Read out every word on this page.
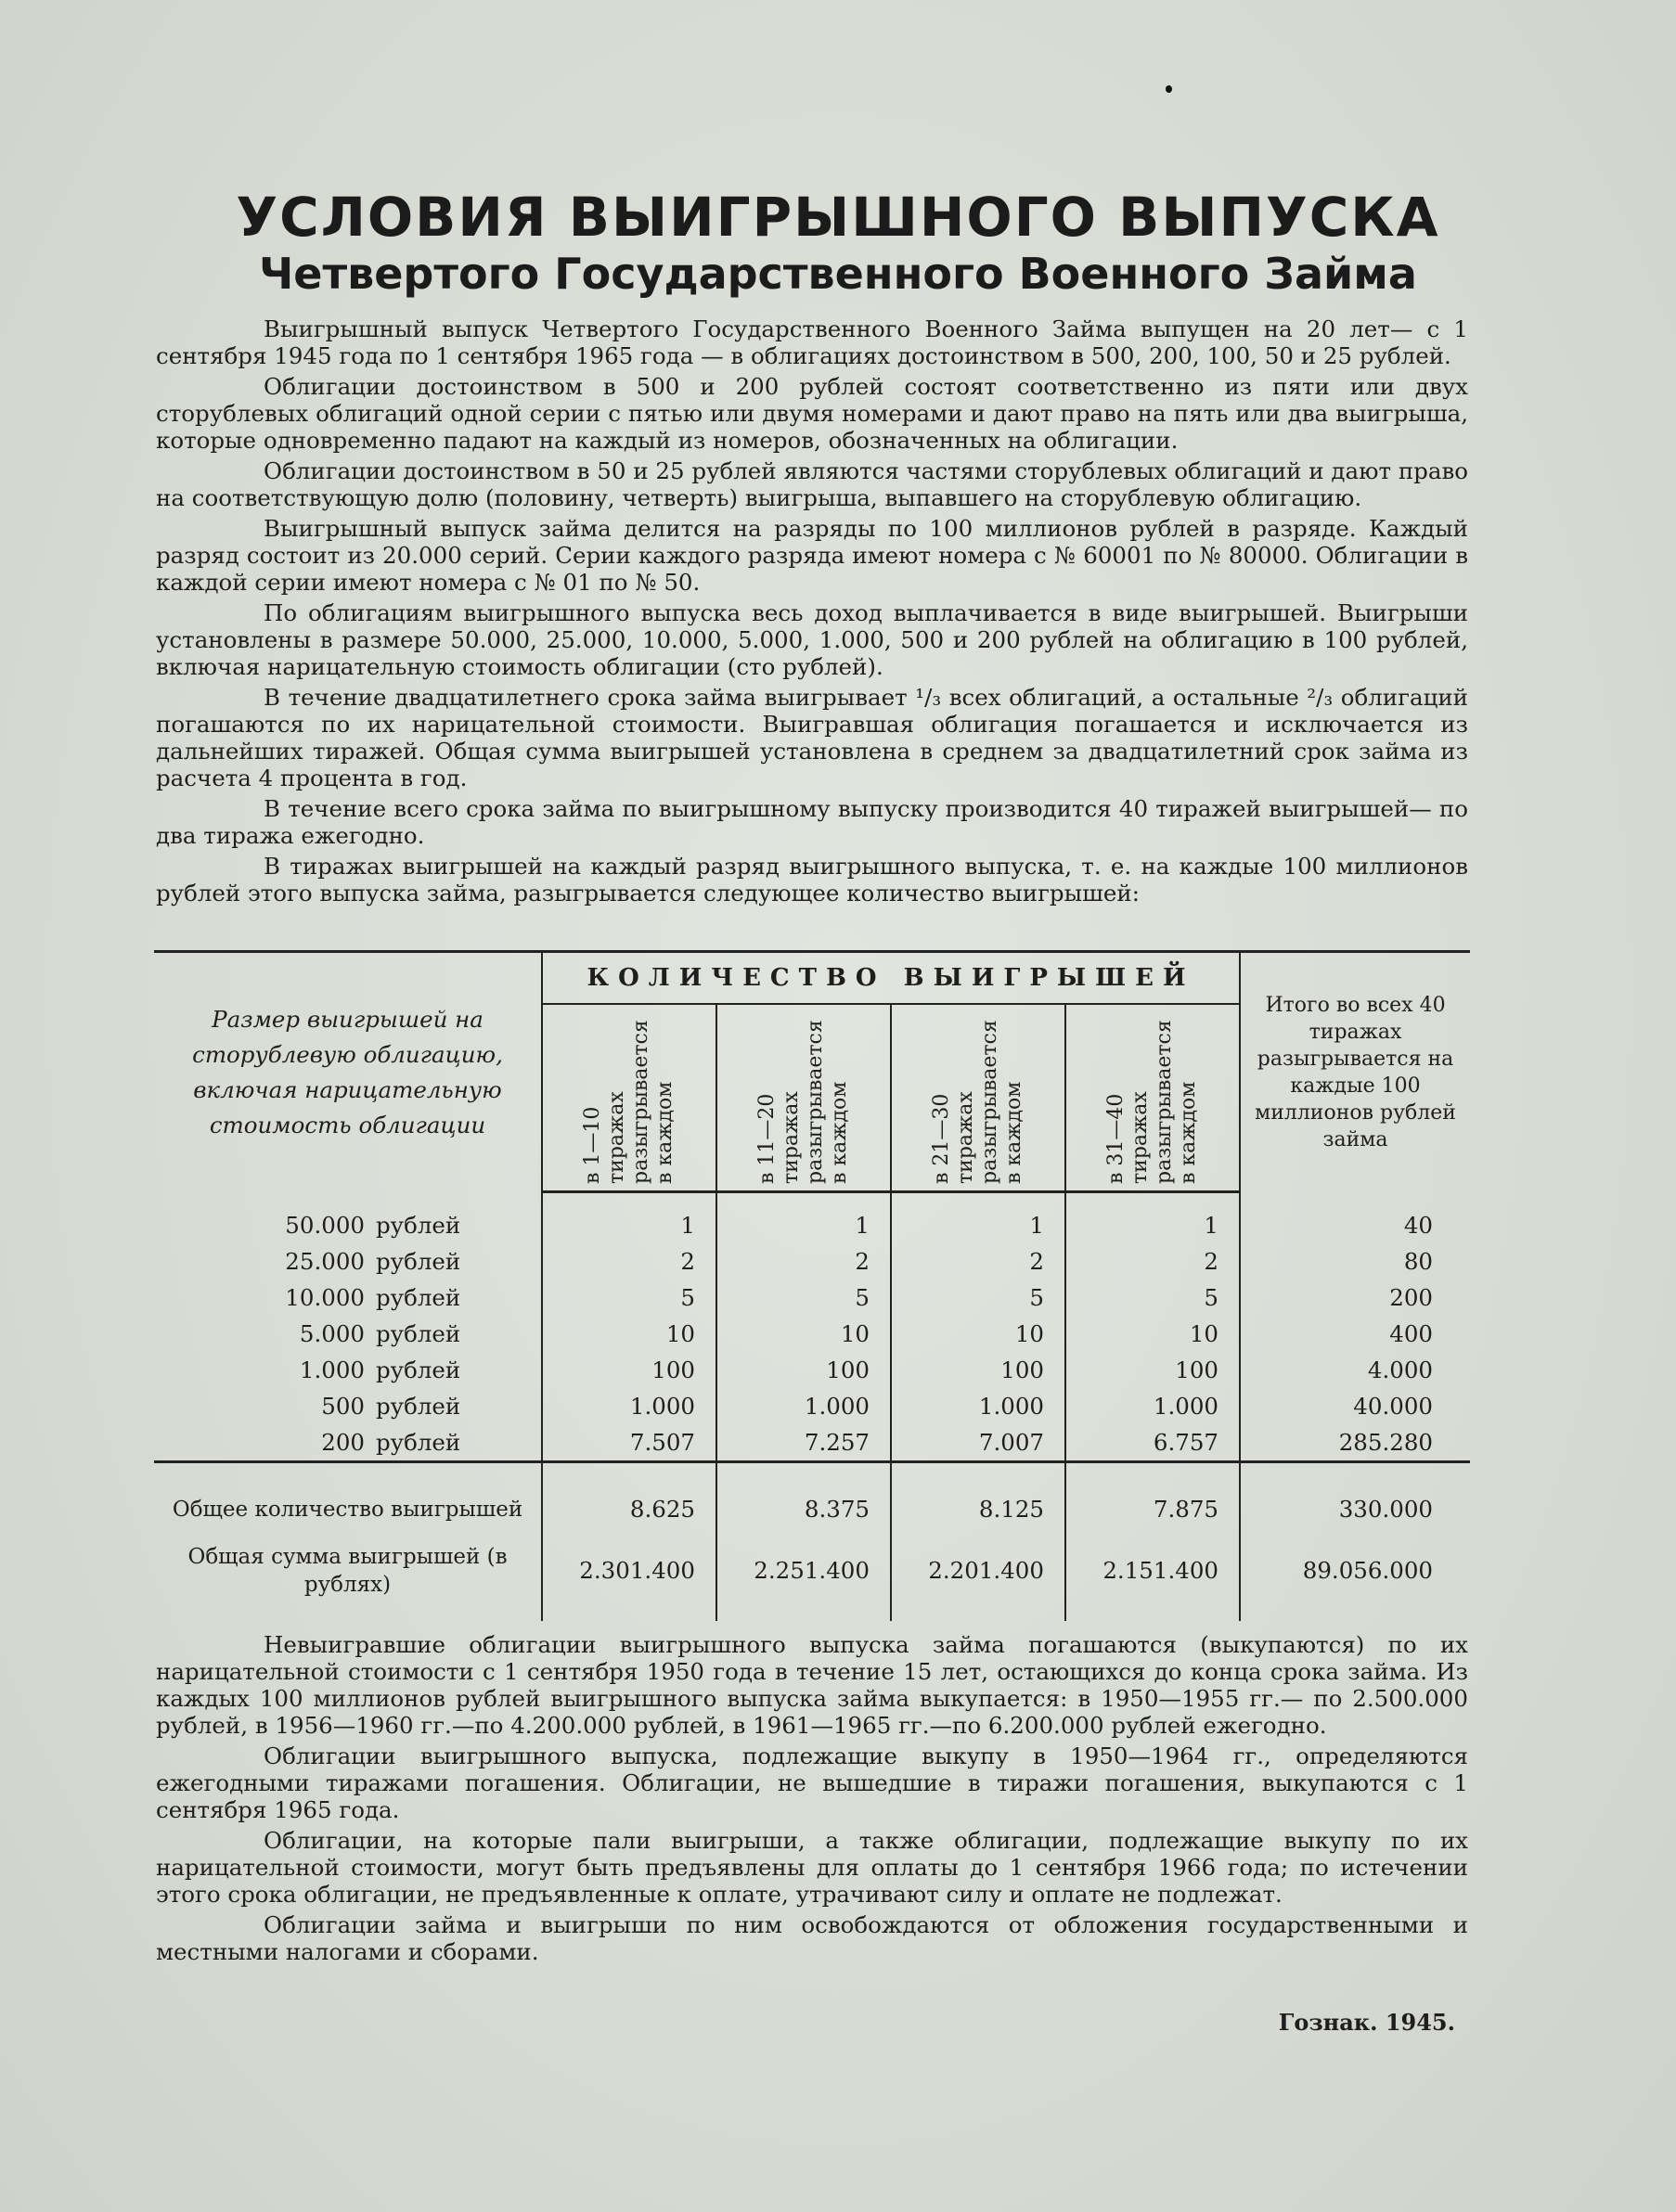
УСЛОВИЯ ВЫИГРЫШНОГО ВЫПУСКА
Четвертого Государственного Военного Займа

Выигрышный выпуск Четвертого Государственного Военного Займа выпущен на 20 лет— с 1 сентября 1945 года по 1 сентября 1965 года — в облигациях достоинством в 500, 200, 100, 50 и 25 рублей.

Облигации достоинством в 500 и 200 рублей состоят соответственно из пяти или двух сторублевых облигаций одной серии с пятью или двумя номерами и дают право на пять или два выигрыша, которые одновременно падают на каждый из номеров, обозначенных на облигации.

Облигации достоинством в 50 и 25 рублей являются частями сторублевых облигаций и дают право на соответствующую долю (половину, четверть) выигрыша, выпавшего на сторублевую облигацию.

Выигрышный выпуск займа делится на разряды по 100 миллионов рублей в разряде. Каждый разряд состоит из 20.000 серий. Серии каждого разряда имеют номера с № 60001 по № 80000. Облигации в каждой серии имеют номера с № 01 по № 50.

По облигациям выигрышного выпуска весь доход выплачивается в виде выигрышей. Выигрыши установлены в размере 50.000, 25.000, 10.000, 5.000, 1.000, 500 и 200 рублей на облигацию в 100 рублей, включая нарицательную стоимость облигации (сто рублей).

В течение двадцатилетнего срока займа выигрывает ¹/₃ всех облигаций, а остальные ²/₃ облигаций погашаются по их нарицательной стоимости. Выигравшая облигация погашается и исключается из дальнейших тиражей. Общая сумма выигрышей установлена в среднем за двадцатилетний срок займа из расчета 4 процента в год.

В течение всего срока займа по выигрышному выпуску производится 40 тиражей выигрышей— по два тиража ежегодно.

В тиражах выигрышей на каждый разряд выигрышного выпуска, т. е. на каждые 100 миллионов рублей этого выпуска займа, разыгрывается следующее количество выигрышей:

Размер выигрышей на сторублевую облигацию, включая нарицательную стоимость облигации	КОЛИЧЕСТВО ВЫИГРЫШЕЙ				Итого во всех 40 тиражах разыгрывается на каждые 100 миллионов рублей займа

	в 1—10 тиражах разыгрывается в каждом	в 11—20 тиражах разыгрывается в каждом	в 21—30 тиражах разыгрывается в каждом	в 31—40 тиражах разыгрывается в каждом	

50.000 рублей	1	1	1	1	40
25.000 рублей	2	2	2	2	80
10.000 рублей	5	5	5	5	200
5.000 рублей	10	10	10	10	400
1.000 рублей	100	100	100	100	4.000
500 рублей	1.000	1.000	1.000	1.000	40.000
200 рублей	7.507	7.257	7.007	6.757	285.280
Общее количество выигрышей	8.625	8.375	8.125	7.875	330.000
Общая сумма выигрышей (в рублях)	2.301.400	2.251.400	2.201.400	2.151.400	89.056.000

Невыигравшие облигации выигрышного выпуска займа погашаются (выкупаются) по их нарицательной стоимости с 1 сентября 1950 года в течение 15 лет, остающихся до конца срока займа. Из каждых 100 миллионов рублей выигрышного выпуска займа выкупается: в 1950—1955 гг.— по 2.500.000 рублей, в 1956—1960 гг.—по 4.200.000 рублей, в 1961—1965 гг.—по 6.200.000 рублей ежегодно.

Облигации выигрышного выпуска, подлежащие выкупу в 1950—1964 гг., определяются ежегодными тиражами погашения. Облигации, не вышедшие в тиражи погашения, выкупаются с 1 сентября 1965 года.

Облигации, на которые пали выигрыши, а также облигации, подлежащие выкупу по их нарицательной стоимости, могут быть предъявлены для оплаты до 1 сентября 1966 года; по истечении этого срока облигации, не предъявленные к оплате, утрачивают силу и оплате не подлежат.

Облигации займа и выигрыши по ним освобождаются от обложения государственными и местными налогами и сборами.

Гознак. 1945.
